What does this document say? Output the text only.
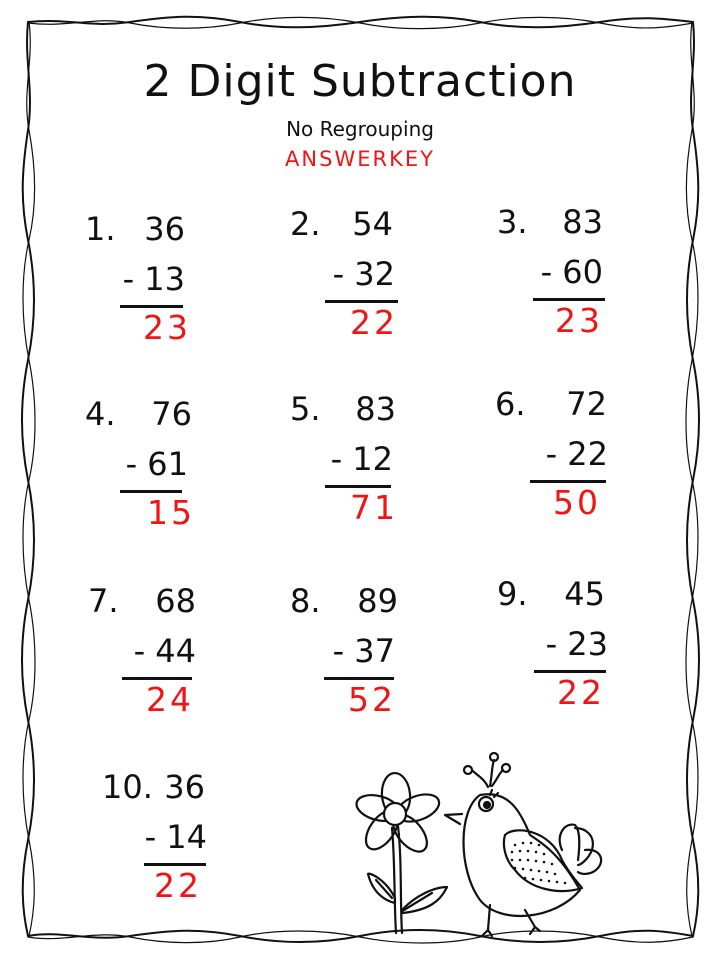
2 Digit Subtraction
No Regrouping
ANSWERKEY
1. 36
- 13
23
2. 54
- 32
22
3. 83
- 60
23
4. 76
- 61
15
5. 83
- 12
71
6. 72
- 22
50
7. 68
- 44
24
8. 89
- 37
52
9. 45
- 23
22
10. 36
- 14
22
